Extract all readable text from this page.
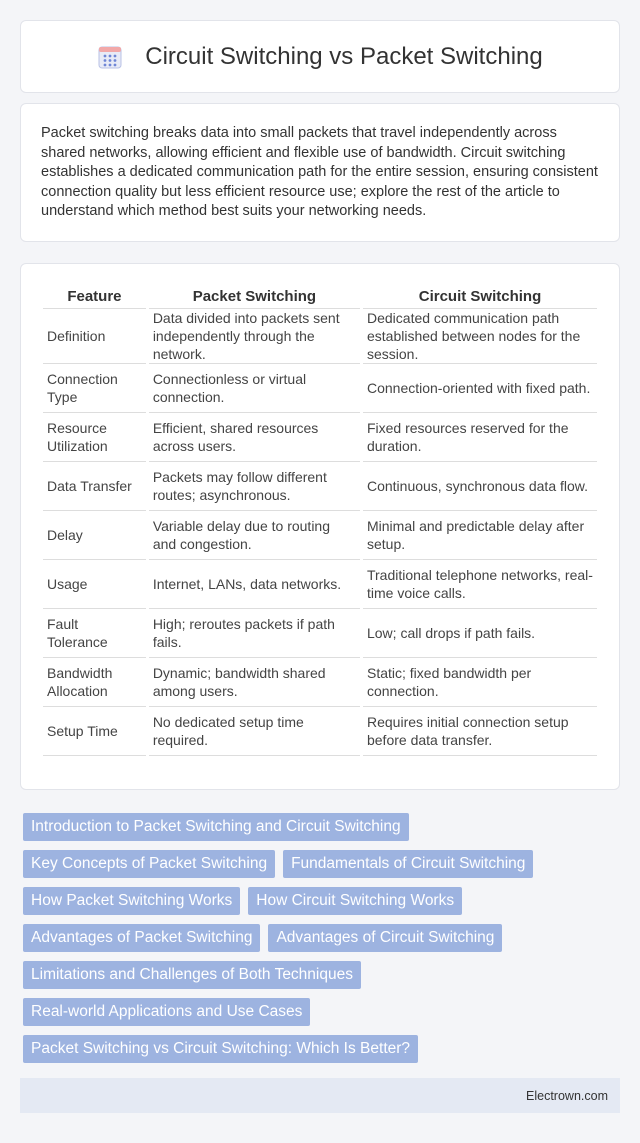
Circuit Switching vs Packet Switching

Packet switching breaks data into small packets that travel independently across shared networks, allowing efficient and flexible use of bandwidth. Circuit switching establishes a dedicated communication path for the entire session, ensuring consistent connection quality but less efficient resource use; explore the rest of the article to understand which method best suits your networking needs.

Feature	Packet Switching	Circuit Switching
Definition	Data divided into packets sent independently through the network.	Dedicated communication path established between nodes for the session.
Connection Type	Connectionless or virtual connection.	Connection-oriented with fixed path.
Resource Utilization	Efficient, shared resources across users.	Fixed resources reserved for the duration.
Data Transfer	Packets may follow different routes; asynchronous.	Continuous, synchronous data flow.
Delay	Variable delay due to routing and congestion.	Minimal and predictable delay after setup.
Usage	Internet, LANs, data networks.	Traditional telephone networks, real-time voice calls.
Fault Tolerance	High; reroutes packets if path fails.	Low; call drops if path fails.
Bandwidth Allocation	Dynamic; bandwidth shared among users.	Static; fixed bandwidth per connection.
Setup Time	No dedicated setup time required.	Requires initial connection setup before data transfer.
Introduction to Packet Switching and Circuit Switching
Key Concepts of Packet Switching	Fundamentals of Circuit Switching
How Packet Switching Works	How Circuit Switching Works
Advantages of Packet Switching	Advantages of Circuit Switching
Limitations and Challenges of Both Techniques
Real-world Applications and Use Cases
Packet Switching vs Circuit Switching: Which Is Better?
Electrown.com
